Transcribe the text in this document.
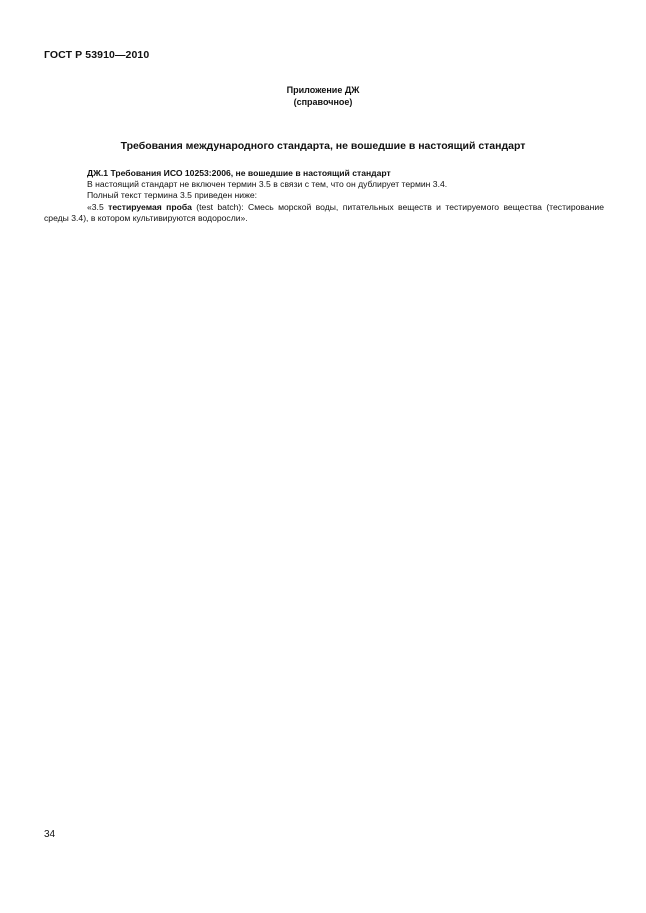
ГОСТ Р 53910—2010
Приложение ДЖ
(справочное)
Требования международного стандарта, не вошедшие в настоящий стандарт

ДЖ.1 Требования ИСО 10253:2006, не вошедшие в настоящий стандарт

В настоящий стандарт не включен термин 3.5 в связи с тем, что он дублирует термин 3.4.

Полный текст термина 3.5 приведен ниже:

«3.5 тестируемая проба (test batch): Смесь морской воды, питательных веществ и тестируемого вещества (тестирование среды 3.4), в котором культивируются водоросли».

34
